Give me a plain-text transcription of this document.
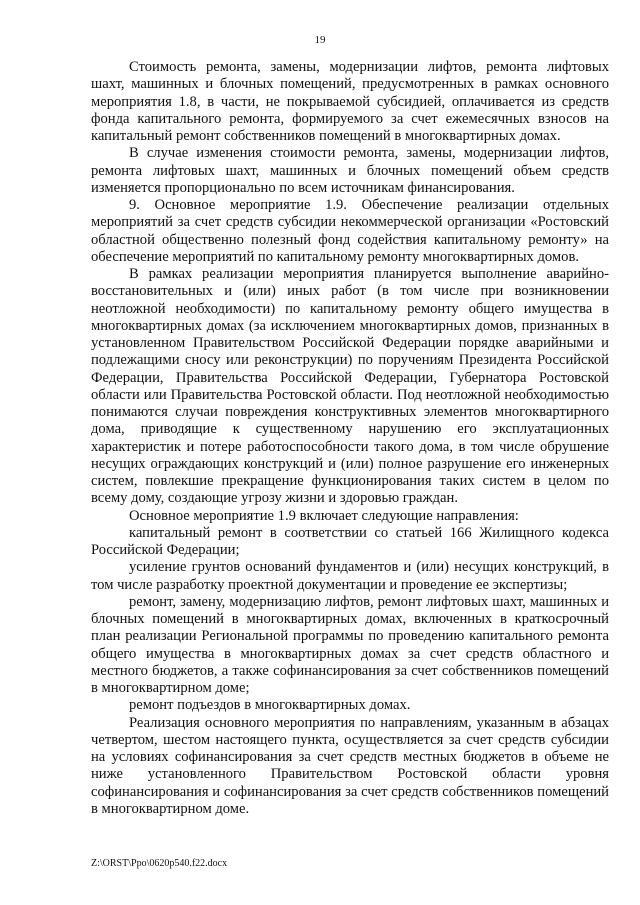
19

Стоимость ремонта, замены, модернизации лифтов, ремонта лифтовых шахт, машинных и блочных помещений, предусмотренных в рамках основного мероприятия 1.8, в части, не покрываемой субсидией, оплачивается из средств фонда капитального ремонта, формируемого за счет ежемесячных взносов на капитальный ремонт собственников помещений в многоквартирных домах.

В случае изменения стоимости ремонта, замены, модернизации лифтов, ремонта лифтовых шахт, машинных и блочных помещений объем средств изменяется пропорционально по всем источникам финансирования.

9. Основное мероприятие 1.9. Обеспечение реализации отдельных мероприятий за счет средств субсидии некоммерческой организации «Ростовский областной общественно полезный фонд содействия капитальному ремонту» на обеспечение мероприятий по капитальному ремонту многоквартирных домов.

В рамках реализации мероприятия планируется выполнение аварийно-восстановительных и (или) иных работ (в том числе при возникновении неотложной необходимости) по капитальному ремонту общего имущества в многоквартирных домах (за исключением многоквартирных домов, признанных в установленном Правительством Российской Федерации порядке аварийными и подлежащими сносу или реконструкции) по поручениям Президента Российской Федерации, Правительства Российской Федерации, Губернатора Ростовской области или Правительства Ростовской области. Под неотложной необходимостью понимаются случаи повреждения конструктивных элементов многоквартирного дома, приводящие к существенному нарушению его эксплуатационных характеристик и потере работоспособности такого дома, в том числе обрушение несущих ограждающих конструкций и (или) полное разрушение его инженерных систем, повлекшие прекращение функционирования таких систем в целом по всему дому, создающие угрозу жизни и здоровью граждан.

Основное мероприятие 1.9 включает следующие направления:

капитальный ремонт в соответствии со статьей 166 Жилищного кодекса Российской Федерации;

усиление грунтов оснований фундаментов и (или) несущих конструкций, в том числе разработку проектной документации и проведение ее экспертизы;

ремонт, замену, модернизацию лифтов, ремонт лифтовых шахт, машинных и блочных помещений в многоквартирных домах, включенных в краткосрочный план реализации Региональной программы по проведению капитального ремонта общего имущества в многоквартирных домах за счет средств областного и местного бюджетов, а также софинансирования за счет собственников помещений в многоквартирном доме;

ремонт подъездов в многоквартирных домах.

Реализация основного мероприятия по направлениям, указанным в абзацах четвертом, шестом настоящего пункта, осуществляется за счет средств субсидии на условиях софинансирования за счет средств местных бюджетов в объеме не ниже установленного Правительством Ростовской области уровня софинансирования и софинансирования за счет средств собственников помещений в многоквартирном доме.

Z:\ORST\Ppo\0620p540.f22.docx
